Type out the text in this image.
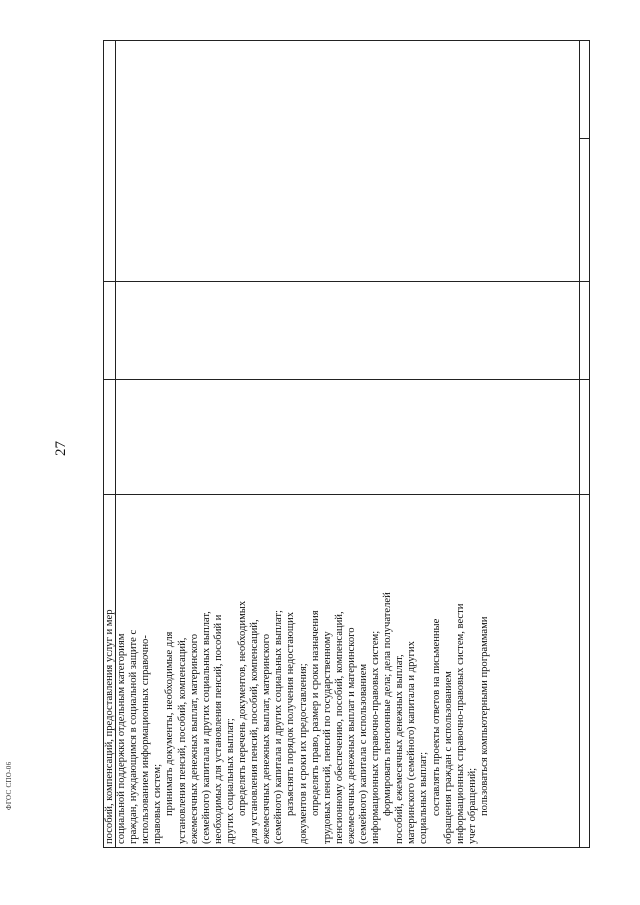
пособий, компенсаций, предоставления услуг и мер социальной поддержки отдельным категориям граждан, нуждающимся в социальной защите с использованием информационных справочно- правовых систем; принимать документы, необходимые для установления пенсий, пособий, компенсаций, ежемесячных денежных выплат, материнского (семейного) капитала и других социальных выплат, необходимых для установления пенсий, пособий и других социальных выплат; определять перечень документов, необходимых для установления пенсий, пособий, компенсаций, ежемесячных денежных выплат, материнского (семейного) капитала и других социальных выплат; разъяснять порядок получения недостающих документов и сроки их предоставления; определять право, размер и сроки назначения трудовых пенсий, пенсий по государственному пенсионному обеспечению, пособий, компенсаций, ежемесячных денежных выплат и материнского (семейного) капитала с использованием информационных справочно-правовых систем; формировать пенсионные дела; дела получателей пособий, ежемесячных денежных выплат, материнского (семейного) капитала и других социальных выплат; составлять проекты ответов на письменные обращения граждан с использованием информационных справочно-правовых систем, вести учет обращений; пользоваться компьютерными программами

27
ФГОС СПО-06
